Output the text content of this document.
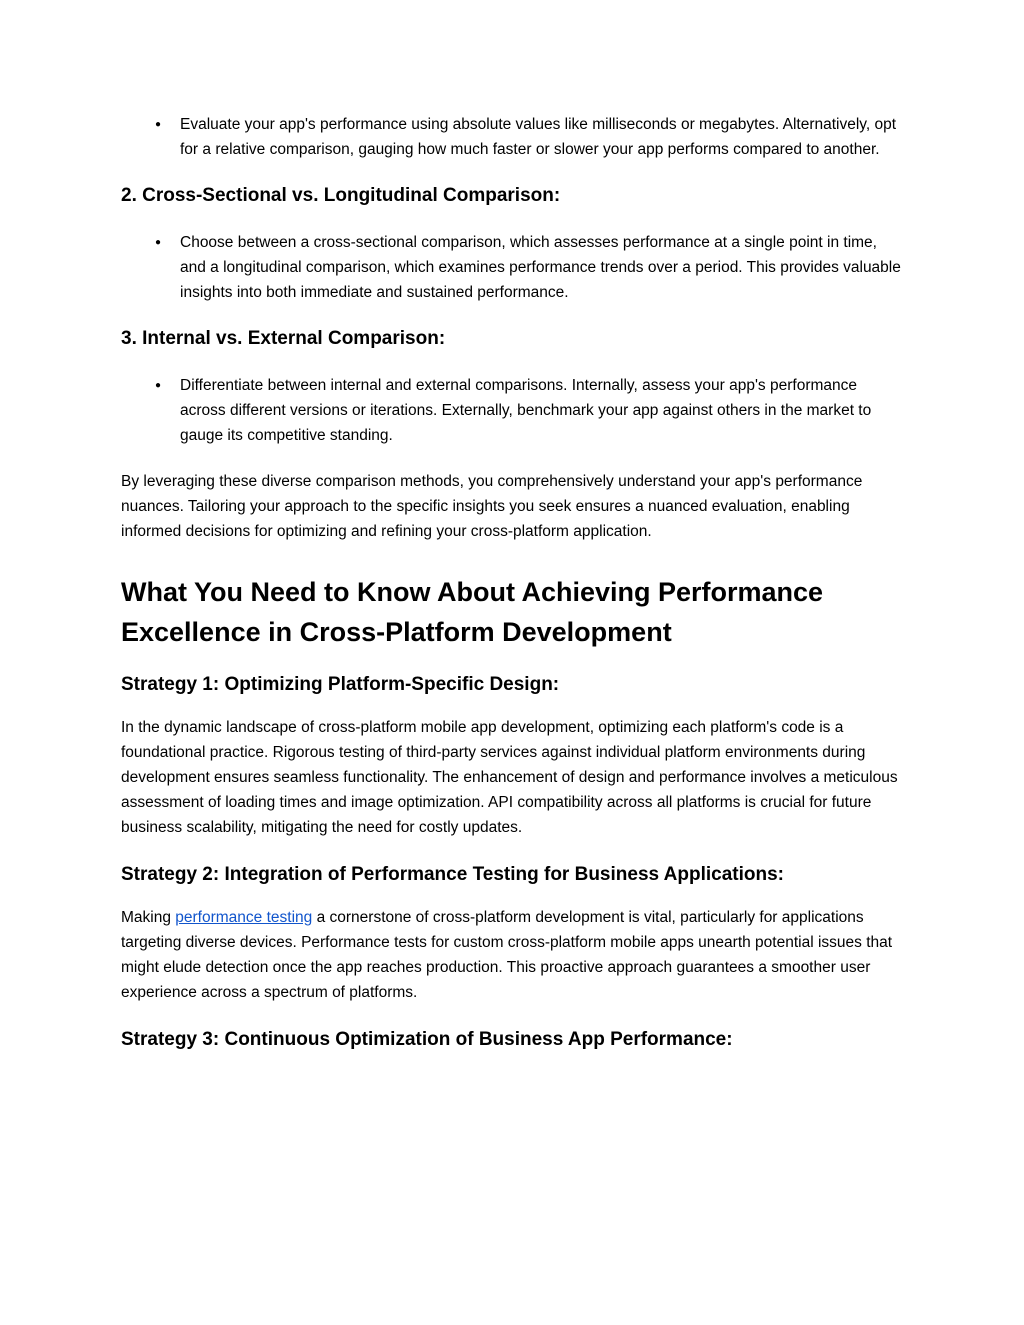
● Evaluate your app's performance using absolute values like milliseconds or megabytes. Alternatively, opt for a relative comparison, gauging how much faster or slower your app performs compared to another.
2. Cross-Sectional vs. Longitudinal Comparison:
● Choose between a cross-sectional comparison, which assesses performance at a single point in time, and a longitudinal comparison, which examines performance trends over a period. This provides valuable insights into both immediate and sustained performance.
3. Internal vs. External Comparison:
● Differentiate between internal and external comparisons. Internally, assess your app's performance across different versions or iterations. Externally, benchmark your app against others in the market to gauge its competitive standing.

By leveraging these diverse comparison methods, you comprehensively understand your app's performance nuances. Tailoring your approach to the specific insights you seek ensures a nuanced evaluation, enabling informed decisions for optimizing and refining your cross-platform application.

What You Need to Know About Achieving Performance Excellence in Cross-Platform Development
Strategy 1: Optimizing Platform-Specific Design:

In the dynamic landscape of cross-platform mobile app development, optimizing each platform's code is a foundational practice. Rigorous testing of third-party services against individual platform environments during development ensures seamless functionality. The enhancement of design and performance involves a meticulous assessment of loading times and image optimization. API compatibility across all platforms is crucial for future business scalability, mitigating the need for costly updates.

Strategy 2: Integration of Performance Testing for Business Applications:

Making performance testing a cornerstone of cross-platform development is vital, particularly for applications targeting diverse devices. Performance tests for custom cross-platform mobile apps unearth potential issues that might elude detection once the app reaches production. This proactive approach guarantees a smoother user experience across a spectrum of platforms.

Strategy 3: Continuous Optimization of Business App Performance:
